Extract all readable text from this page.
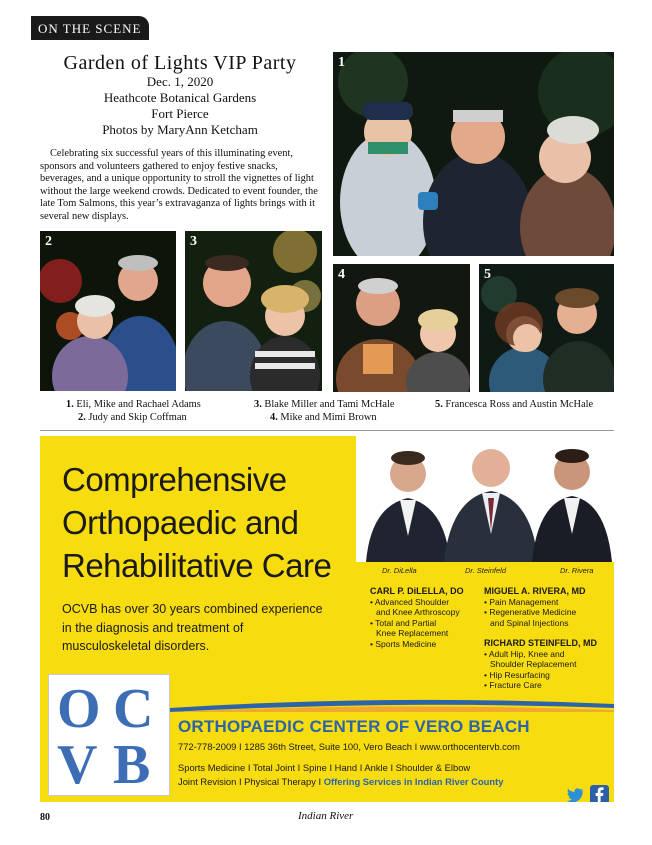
ON THE SCENE
Garden of Lights VIP Party
Dec. 1, 2020
Heathcote Botanical Gardens
Fort Pierce
Photos by MaryAnn Ketcham

Celebrating six successful years of this illuminating event, sponsors and volunteers gathered to enjoy festive snacks, beverages, and a unique opportunity to stroll the vignettes of light without the large weekend crowds. Dedicated to event founder, the late Tom Salmons, this year’s extravaganza of lights brings with it several new displays.

1
2	3
4	5
1. Eli, Mike and Rachael Adams
2. Judy and Skip Coffman
3. Blake Miller and Tami McHale
4. Mike and Mimi Brown
5. Francesca Ross and Austin McHale
Comprehensive
Orthopaedic and
Rehabilitative Care
OCVB has over 30 years combined experience
in the diagnosis and treatment of
musculoskeletal disorders.
Dr. DiLella	Dr. Steinfeld	Dr. Rivera
CARL P. DiLELLA, DO
• Advanced Shoulder
and Knee Arthroscopy
• Total and Partial
Knee Replacement
• Sports Medicine
MIGUEL A. RIVERA, MD
• Pain Management
• Regenerative Medicine
and Spinal Injections
RICHARD STEINFELD, MD
• Adult Hip, Knee and
Shoulder Replacement
• Hip Resurfacing
• Fracture Care
O C
V B
ORTHOPAEDIC CENTER OF VERO BEACH
772-778-2009 I 1285 36th Street, Suite 100, Vero Beach I www.orthocentervb.com
Sports Medicine I Total Joint I Spine I Hand I Ankle I Shoulder & Elbow
Joint Revision I Physical Therapy I Offering Services in Indian River County
80	Indian River
